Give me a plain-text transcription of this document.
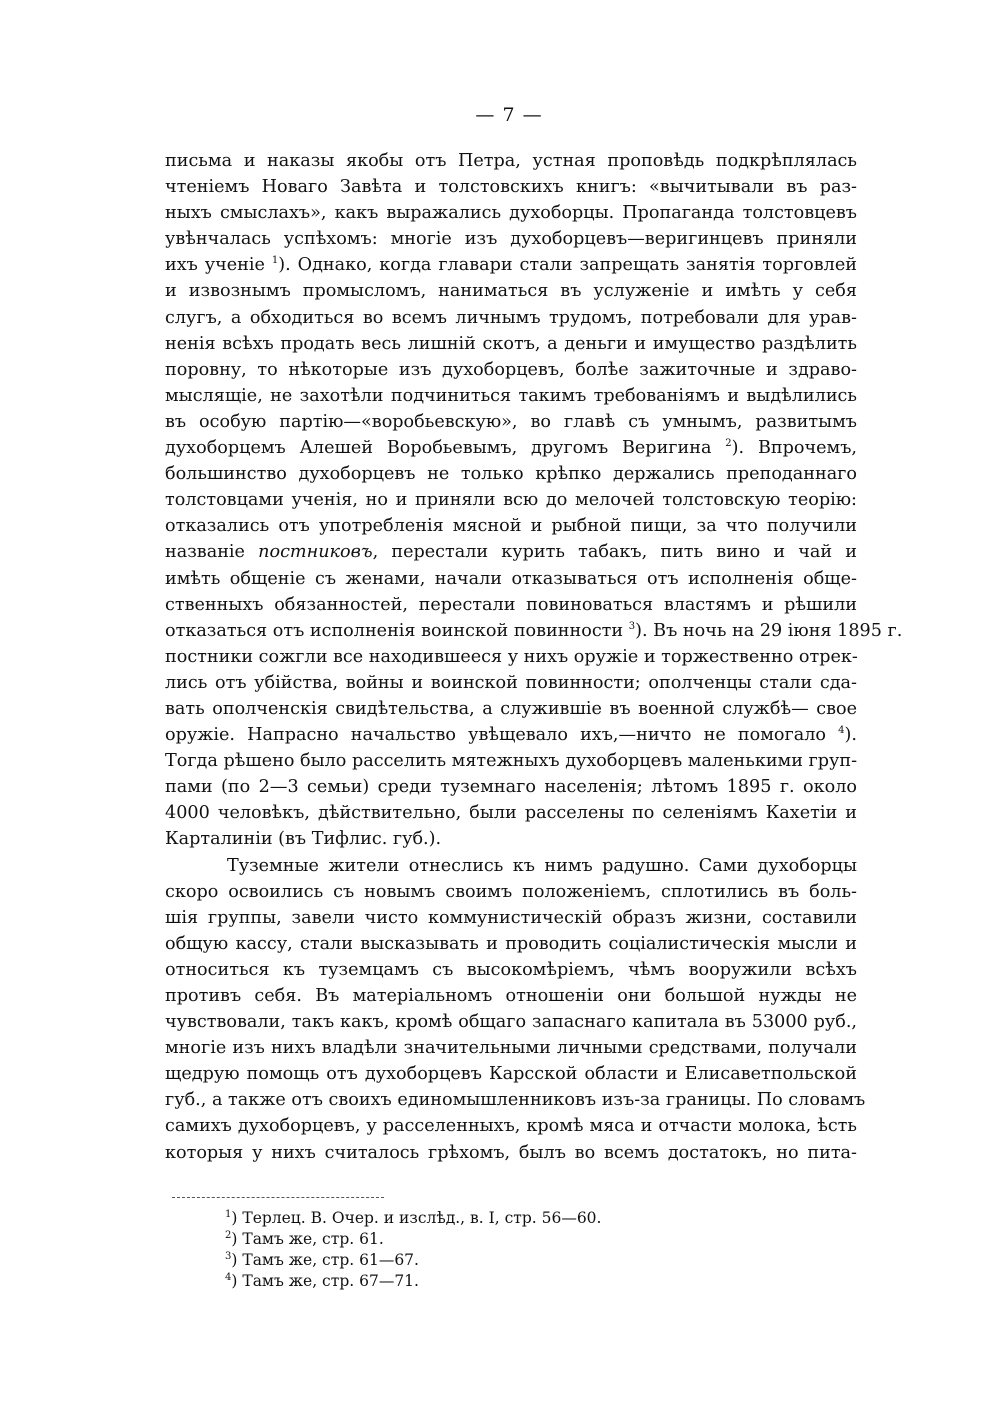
— 7 —
письма и наказы якобы отъ Петра, устная проповѣдь подкрѣплялась
чтеніемъ Новаго Завѣта и толстовскихъ книгъ: «вычитывали въ раз-
ныхъ смыслахъ», какъ выражались духоборцы. Пропаганда толстовцевъ
увѣнчалась успѣхомъ: многіе изъ духоборцевъ—веригинцевъ приняли
ихъ ученіе $^1$). Однако, когда главари стали запрещать занятія торговлей
и извознымъ промысломъ, наниматься въ услуженіе и имѣть у себя
слугъ, а обходиться во всемъ личнымъ трудомъ, потребовали для урав-
ненія всѣхъ продать весь лишній скотъ, а деньги и имущество раздѣлить
поровну, то нѣкоторые изъ духоборцевъ, болѣе зажиточные и здраво-
мыслящіе, не захотѣли подчиниться такимъ требованіямъ и выдѣлились
въ особую партію—«воробьевскую», во главѣ съ умнымъ, развитымъ
духоборцемъ Алешей Воробьевымъ, другомъ Веригина $^2$). Впрочемъ,
большинство духоборцевъ не только крѣпко держались преподаннаго
толстовцами ученія, но и приняли всю до мелочей толстовскую теорію:
отказались отъ употребленія мясной и рыбной пищи, за что получили
названіе постниковъ, перестали курить табакъ, пить вино и чай и
имѣть общеніе съ женами, начали отказываться отъ исполненія обще-
ственныхъ обязанностей, перестали повиноваться властямъ и рѣшили
отказаться отъ исполненія воинской повинности $^3$). Въ ночь на 29 іюня 1895 г.
постники сожгли все находившееся у нихъ оружіе и торжественно отрек-
лись отъ убійства, войны и воинской повинности; ополченцы стали сда-
вать ополченскія свидѣтельства, а служившіе въ военной службѣ— свое
оружіе. Напрасно начальство увѣщевало ихъ,—ничто не помогало $^4$).
Тогда рѣшено было расселить мятежныхъ духоборцевъ маленькими груп-
пами (по 2—3 семьи) среди туземнаго населенія; лѣтомъ 1895 г. около
4000 человѣкъ, дѣйствительно, были расселены по селеніямъ Кахетіи и
Карталиніи (въ Тифлис. губ.).
Туземные жители отнеслись къ нимъ радушно. Сами духоборцы
скоро освоились съ новымъ своимъ положеніемъ, сплотились въ боль-
шія группы, завели чисто коммунистическій образъ жизни, составили
общую кассу, стали высказывать и проводить соціалистическія мысли и
относиться къ туземцамъ съ высокомѣріемъ, чѣмъ вооружили всѣхъ
противъ себя. Въ матеріальномъ отношеніи они большой нужды не
чувствовали, такъ какъ, кромѣ общаго запаснаго капитала въ 53000 руб.,
многіе изъ нихъ владѣли значительными личными средствами, получали
щедрую помощь отъ духоборцевъ Карсской области и Елисаветпольской
губ., а также отъ своихъ единомышленниковъ изъ-за границы. По словамъ
самихъ духоборцевъ, у расселенныхъ, кромѣ мяса и отчасти молока, ѣсть
которыя у нихъ считалось грѣхомъ, былъ во всемъ достатокъ, но пита-
$^1$) Терлец. В. Очер. и изслѣд., в. I, стр. 56—60.
$^2$) Тамъ же, стр. 61.
$^3$) Тамъ же, стр. 61—67.
$^4$) Тамъ же, стр. 67—71.
